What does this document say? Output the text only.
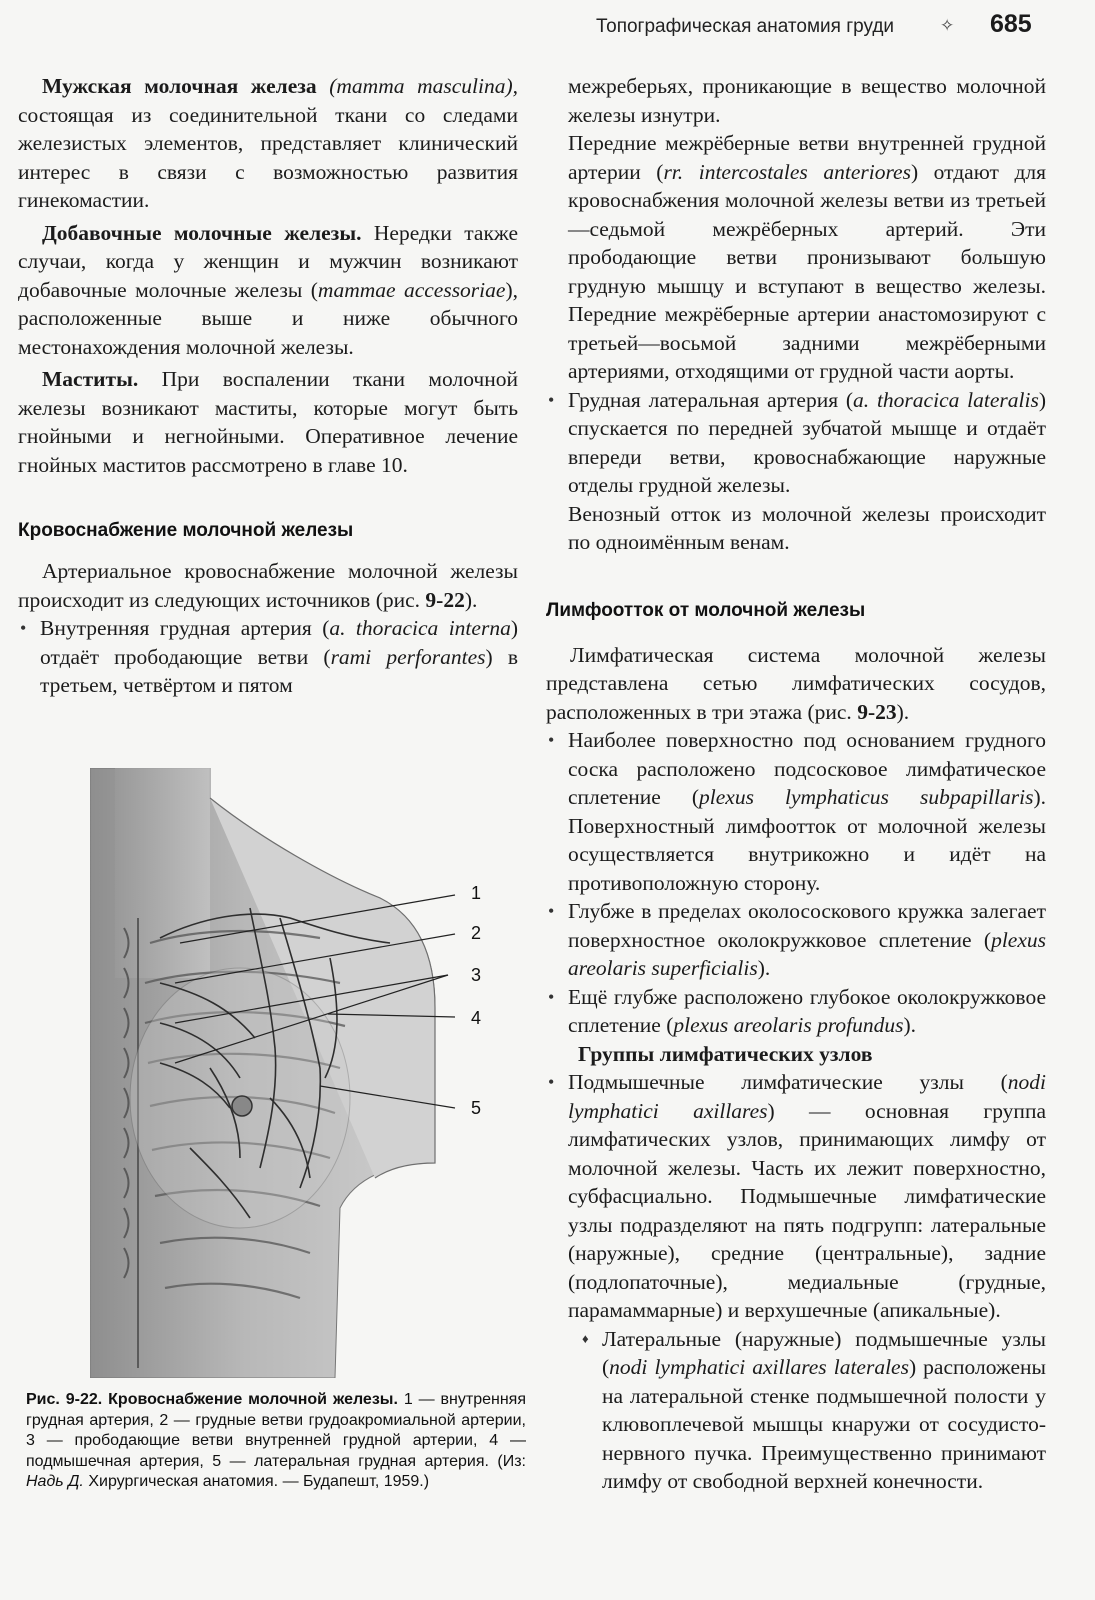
Топографическая анатомия груди	✧ 685

Мужская молочная железа (mamma masculina), состоящая из соединительной ткани со следами железистых элементов, представляет клинический интерес в связи с возможностью развития гинекомастии.

Добавочные молочные железы. Нередки также случаи, когда у женщин и мужчин возникают добавочные молочные железы (mammae accessoriae), расположенные выше и ниже обычного местонахождения молочной железы.

Маститы. При воспалении ткани молочной железы возникают маститы, которые могут быть гнойными и негнойными. Оперативное лечение гнойных маститов рассмотрено в главе 10.

Кровоснабжение молочной железы

Артериальное кровоснабжение молочной железы происходит из следующих источников (рис. 9-22).

• Внутренняя грудная артерия (a. thoracica interna) отдаёт прободающие ветви (rami perforantes) в третьем, четвёртом и пятом

1
2
3
4
5
Рис. 9-22. Кровоснабжение молочной железы. 1 — внутренняя грудная артерия, 2 — грудные ветви грудоакромиальной артерии, 3 — прободающие ветви внутренней грудной артерии, 4 — подмышечная артерия, 5 — латеральная грудная артерия. (Из: Надь Д. Хирургическая анатомия. — Будапешт, 1959.)

межреберьях, проникающие в вещество молочной железы изнутри.

Передние межрёберные ветви внутренней грудной артерии (rr. intercostales anteriores) отдают для кровоснабжения молочной железы ветви из третьей—седьмой межрёберных артерий. Эти прободающие ветви пронизывают большую грудную мышцу и вступают в вещество железы. Передние межрёберные артерии анастомозируют с третьей—восьмой задними межрёберными артериями, отходящими от грудной части аорты.

• Грудная латеральная артерия (a. thoracica lateralis) спускается по передней зубчатой мышце и отдаёт впереди ветви, кровоснабжающие наружные отделы грудной железы.

Венозный отток из молочной железы происходит по одноимённым венам.

Лимфоотток от молочной железы

Лимфатическая система молочной железы представлена сетью лимфатических сосудов, расположенных в три этажа (рис. 9-23).

• Наиболее поверхностно под основанием грудного соска расположено подсосковое лимфатическое сплетение (plexus lymphaticus subpapillaris). Поверхностный лимфоотток от молочной железы осуществляется внутрикожно и идёт на противоположную сторону.

• Глубже в пределах околососкового кружка залегает поверхностное околокружковое сплетение (plexus areolaris superficialis).

• Ещё глубже расположено глубокое околокружковое сплетение (plexus areolaris profundus).

Группы лимфатических узлов

• Подмышечные лимфатические узлы (nodi lymphatici axillares) — основная группа лимфатических узлов, принимающих лимфу от молочной железы. Часть их лежит поверхностно, субфасциально. Подмышечные лимфатические узлы подразделяют на пять подгрупп: латеральные (наружные), средние (центральные), задние (подлопаточные), медиальные (грудные, парамаммарные) и верхушечные (апикальные).

♦ Латеральные (наружные) подмышечные узлы (nodi lymphatici axillares laterales) расположены на латеральной стенке подмышечной полости у клювоплечевой мышцы кнаружи от сосудисто-нервного пучка. Преимущественно принимают лимфу от свободной верхней конечности.
